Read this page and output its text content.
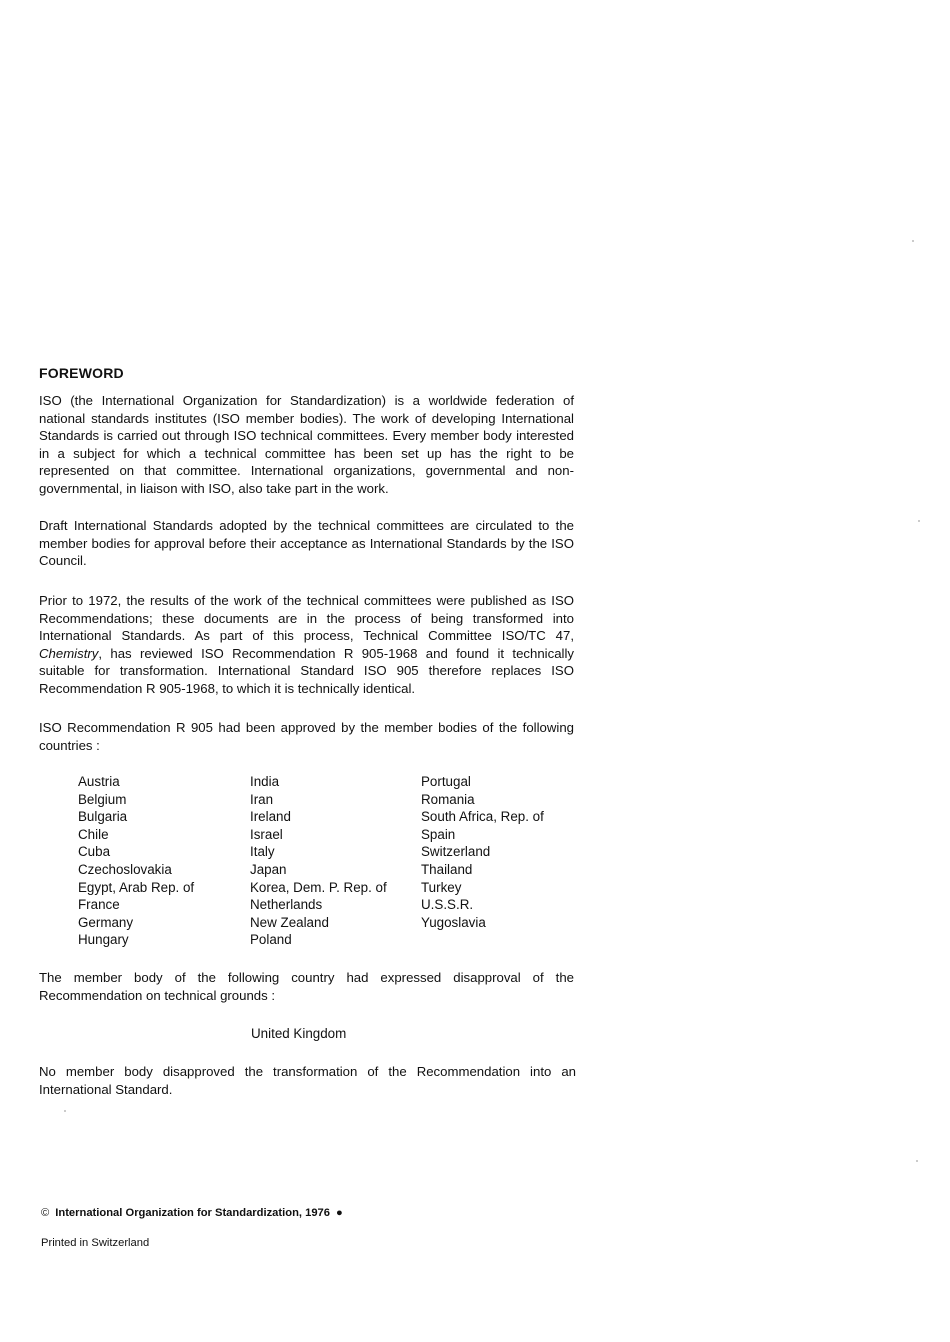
FOREWORD

ISO (the International Organization for Standardization) is a worldwide federation of national standards institutes (ISO member bodies). The work of developing International Standards is carried out through ISO technical committees. Every member body interested in a subject for which a technical committee has been set up has the right to be represented on that committee. International organizations, governmental and non-governmental, in liaison with ISO, also take part in the work.

Draft International Standards adopted by the technical committees are circulated to the member bodies for approval before their acceptance as International Standards by the ISO Council.

Prior to 1972, the results of the work of the technical committees were published as ISO Recommendations; these documents are in the process of being transformed into International Standards. As part of this process, Technical Committee ISO/TC 47, Chemistry, has reviewed ISO Recommendation R 905-1968 and found it technically suitable for transformation. International Standard ISO 905 therefore replaces ISO Recommendation R 905-1968, to which it is technically identical.

ISO Recommendation R 905 had been approved by the member bodies of the following countries :

Austria
Belgium
Bulgaria
Chile
Cuba
Czechoslovakia
Egypt, Arab Rep. of
France
Germany
Hungary
India
Iran
Ireland
Israel
Italy
Japan
Korea, Dem. P. Rep. of
Netherlands
New Zealand
Poland
Portugal
Romania
South Africa, Rep. of
Spain
Switzerland
Thailand
Turkey
U.S.S.R.
Yugoslavia

The member body of the following country had expressed disapproval of the Recommendation on technical grounds :

United Kingdom

No member body disapproved the transformation of the Recommendation into an International Standard.

© International Organization for Standardization, 1976 ●
Printed in Switzerland
